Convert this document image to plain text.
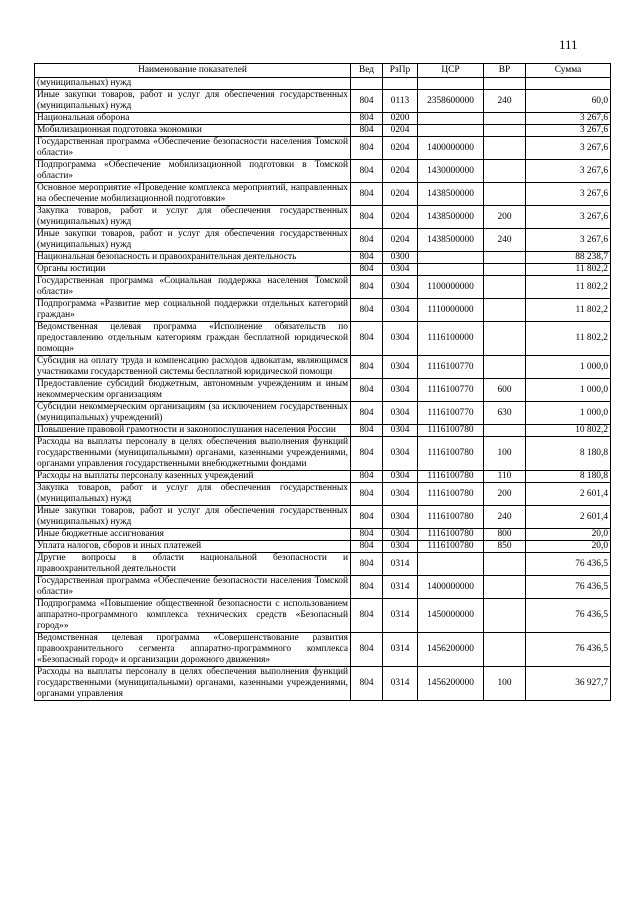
111
Наименование показателей	Вед	РзПр	ЦСР	ВР	Сумма
(муниципальных) нужд					
Иные закупки товаров, работ и услуг для обеспечения государственных (муниципальных) нужд	804	0113	2358600000	240	60,0
Национальная оборона	804	0200			3 267,6
Мобилизационная подготовка экономики	804	0204			3 267,6
Государственная программа «Обеспечение безопасности населения Томской области»	804	0204	1400000000		3 267,6
Подпрограмма «Обеспечение мобилизационной подготовки в Томской области»	804	0204	1430000000		3 267,6
Основное мероприятие «Проведение комплекса мероприятий, направленных на обеспечение мобилизационной подготовки»	804	0204	1438500000		3 267,6
Закупка товаров, работ и услуг для обеспечения государственных (муниципальных) нужд	804	0204	1438500000	200	3 267,6
Иные закупки товаров, работ и услуг для обеспечения государственных (муниципальных) нужд	804	0204	1438500000	240	3 267,6
Национальная безопасность и правоохранительная деятельность	804	0300			88 238,7
Органы юстиции	804	0304			11 802,2
Государственная программа «Социальная поддержка населения Томской области»	804	0304	1100000000		11 802,2
Подпрограмма «Развитие мер социальной поддержки отдельных категорий граждан»	804	0304	1110000000		11 802,2
Ведомственная целевая программа «Исполнение обязательств по предоставлению отдельным категориям граждан бесплатной юридической помощи»	804	0304	1116100000		11 802,2
Субсидия на оплату труда и компенсацию расходов адвокатам, являющимся участниками государственной системы бесплатной юридической помощи	804	0304	1116100770		1 000,0
Предоставление субсидий бюджетным, автономным учреждениям и иным некоммерческим организациям	804	0304	1116100770	600	1 000,0
Субсидии некоммерческим организациям (за исключением государственных (муниципальных) учреждений)	804	0304	1116100770	630	1 000,0
Повышение правовой грамотности и законопослушания населения России	804	0304	1116100780		10 802,2
Расходы на выплаты персоналу в целях обеспечения выполнения функций государственными (муниципальными) органами, казенными учреждениями, органами управления государственными внебюджетными фондами	804	0304	1116100780	100	8 180,8
Расходы на выплаты персоналу казенных учреждений	804	0304	1116100780	110	8 180,8
Закупка товаров, работ и услуг для обеспечения государственных (муниципальных) нужд	804	0304	1116100780	200	2 601,4
Иные закупки товаров, работ и услуг для обеспечения государственных (муниципальных) нужд	804	0304	1116100780	240	2 601,4
Иные бюджетные ассигнования	804	0304	1116100780	800	20,0
Уплата налогов, сборов и иных платежей	804	0304	1116100780	850	20,0
Другие вопросы в области национальной безопасности и правоохранительной деятельности	804	0314			76 436,5
Государственная программа «Обеспечение безопасности населения Томской области»	804	0314	1400000000		76 436,5
Подпрограмма «Повышение общественной безопасности с использованием аппаратно-программного комплекса технических средств «Безопасный город»»	804	0314	1450000000		76 436,5
Ведомственная целевая программа «Совершенствование развития правоохранительного сегмента аппаратно-программного комплекса «Безопасный город» и организации дорожного движения»	804	0314	1456200000		76 436,5
Расходы на выплаты персоналу в целях обеспечения выполнения функций государственными (муниципальными) органами, казенными учреждениями, органами управления	804	0314	1456200000	100	36 927,7
